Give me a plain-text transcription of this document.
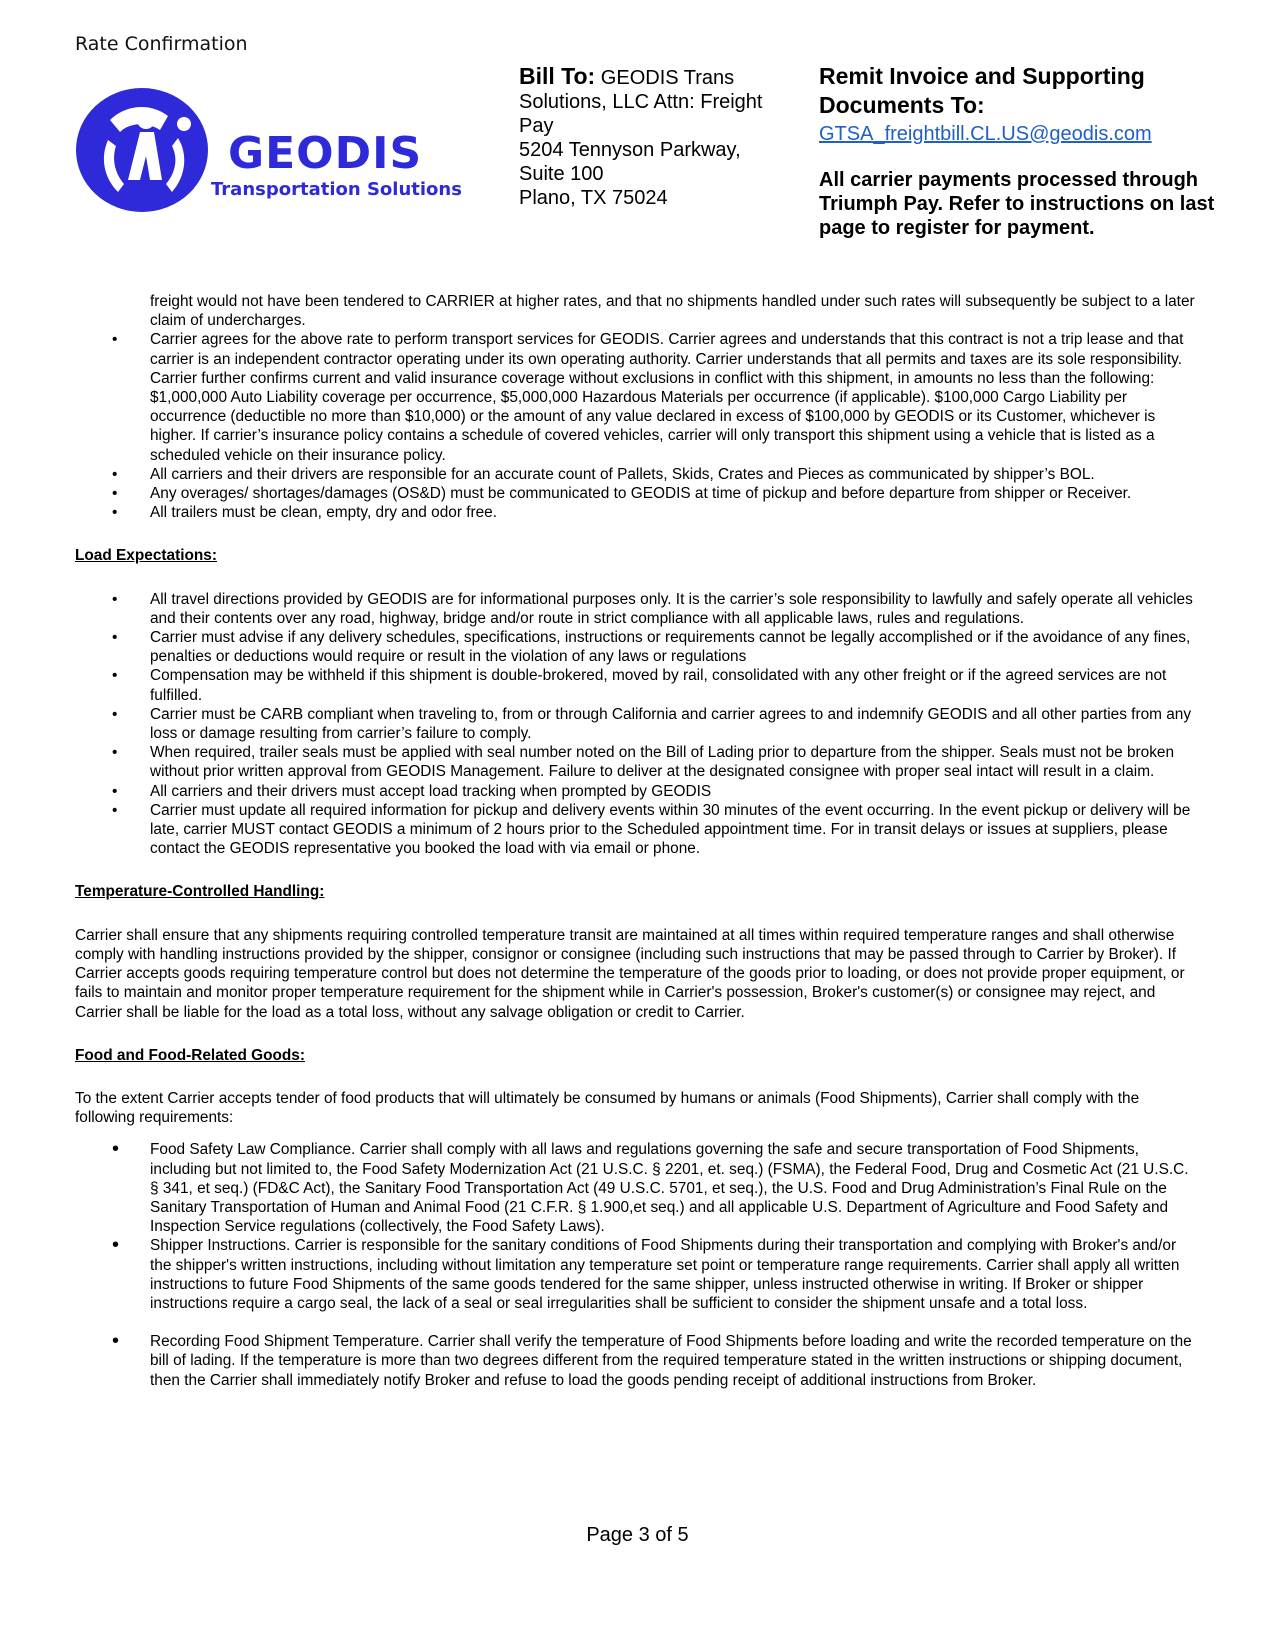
Rate Confirmation
GEODIS
Transportation Solutions
Bill To: GEODIS Trans Solutions, LLC Attn: Freight Pay
5204 Tennyson Parkway, Suite 100
Plano, TX 75024
Remit Invoice and Supporting Documents To:
GTSA_freightbill.CL.US@geodis.com
All carrier payments processed through Triumph Pay. Refer to instructions on last page to register for payment.
freight would not have been tendered to CARRIER at higher rates, and that no shipments handled under such rates will subsequently be subject to a later claim of undercharges.
• Carrier agrees for the above rate to perform transport services for GEODIS. Carrier agrees and understands that this contract is not a trip lease and that carrier is an independent contractor operating under its own operating authority. Carrier understands that all permits and taxes are its sole responsibility. Carrier further confirms current and valid insurance coverage without exclusions in conflict with this shipment, in amounts no less than the following: $1,000,000 Auto Liability coverage per occurrence, $5,000,000 Hazardous Materials per occurrence (if applicable). $100,000 Cargo Liability per occurrence (deductible no more than $10,000) or the amount of any value declared in excess of $100,000 by GEODIS or its Customer, whichever is higher. If carrier’s insurance policy contains a schedule of covered vehicles, carrier will only transport this shipment using a vehicle that is listed as a scheduled vehicle on their insurance policy.
• All carriers and their drivers are responsible for an accurate count of Pallets, Skids, Crates and Pieces as communicated by shipper’s BOL.
• Any overages/ shortages/damages (OS&D) must be communicated to GEODIS at time of pickup and before departure from shipper or Receiver.
• All trailers must be clean, empty, dry and odor free.
Load Expectations:
• All travel directions provided by GEODIS are for informational purposes only. It is the carrier’s sole responsibility to lawfully and safely operate all vehicles and their contents over any road, highway, bridge and/or route in strict compliance with all applicable laws, rules and regulations.
• Carrier must advise if any delivery schedules, specifications, instructions or requirements cannot be legally accomplished or if the avoidance of any fines, penalties or deductions would require or result in the violation of any laws or regulations
• Compensation may be withheld if this shipment is double-brokered, moved by rail, consolidated with any other freight or if the agreed services are not fulfilled.
• Carrier must be CARB compliant when traveling to, from or through California and carrier agrees to and indemnify GEODIS and all other parties from any loss or damage resulting from carrier’s failure to comply.
• When required, trailer seals must be applied with seal number noted on the Bill of Lading prior to departure from the shipper. Seals must not be broken without prior written approval from GEODIS Management. Failure to deliver at the designated consignee with proper seal intact will result in a claim.
• All carriers and their drivers must accept load tracking when prompted by GEODIS
• Carrier must update all required information for pickup and delivery events within 30 minutes of the event occurring. In the event pickup or delivery will be late, carrier MUST contact GEODIS a minimum of 2 hours prior to the Scheduled appointment time. For in transit delays or issues at suppliers, please contact the GEODIS representative you booked the load with via email or phone.
Temperature-Controlled Handling:

Carrier shall ensure that any shipments requiring controlled temperature transit are maintained at all times within required temperature ranges and shall otherwise comply with handling instructions provided by the shipper, consignor or consignee (including such instructions that may be passed through to Carrier by Broker). If Carrier accepts goods requiring temperature control but does not determine the temperature of the goods prior to loading, or does not provide proper equipment, or fails to maintain and monitor proper temperature requirement for the shipment while in Carrier's possession, Broker's customer(s) or consignee may reject, and Carrier shall be liable for the load as a total loss, without any salvage obligation or credit to Carrier.

Food and Food-Related Goods:

To the extent Carrier accepts tender of food products that will ultimately be consumed by humans or animals (Food Shipments), Carrier shall comply with the following requirements:

• Food Safety Law Compliance. Carrier shall comply with all laws and regulations governing the safe and secure transportation of Food Shipments, including but not limited to, the Food Safety Modernization Act (21 U.S.C. § 2201, et. seq.) (FSMA), the Federal Food, Drug and Cosmetic Act (21 U.S.C. § 341, et seq.) (FD&C Act), the Sanitary Food Transportation Act (49 U.S.C. 5701, et seq.), the U.S. Food and Drug Administration’s Final Rule on the Sanitary Transportation of Human and Animal Food (21 C.F.R. § 1.900,et seq.) and all applicable U.S. Department of Agriculture and Food Safety and Inspection Service regulations (collectively, the Food Safety Laws).
• Shipper Instructions. Carrier is responsible for the sanitary conditions of Food Shipments during their transportation and complying with Broker's and/or the shipper's written instructions, including without limitation any temperature set point or temperature range requirements. Carrier shall apply all written instructions to future Food Shipments of the same goods tendered for the same shipper, unless instructed otherwise in writing. If Broker or shipper instructions require a cargo seal, the lack of a seal or seal irregularities shall be sufficient to consider the shipment unsafe and a total loss.
• Recording Food Shipment Temperature. Carrier shall verify the temperature of Food Shipments before loading and write the recorded temperature on the bill of lading. If the temperature is more than two degrees different from the required temperature stated in the written instructions or shipping document, then the Carrier shall immediately notify Broker and refuse to load the goods pending receipt of additional instructions from Broker.
Page 3 of 5
